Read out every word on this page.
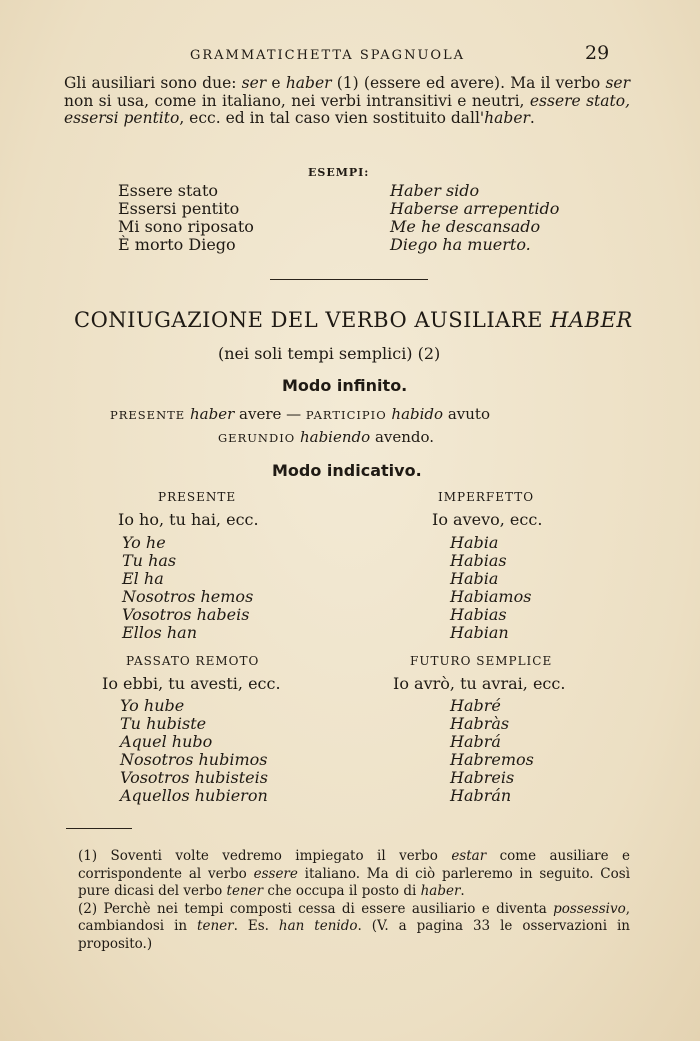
GRAMMATICHETTA SPAGNUOLA	29
Gli ausiliari sono due: ser e haber (1) (essere ed avere). Ma il verbo ser non si usa, come in italiano, nei verbi intransitivi e neutri, essere stato, essersi pentito, ecc. ed in tal caso vien sostituito dall'haber.
ESEMPI:
Essere stato
Essersi pentito
Mi sono riposato
È morto Diego
Haber sido
Haberse arrepentido
Me he descansado
Diego ha muerto.
CONIUGAZIONE DEL VERBO AUSILIARE HABER
(nei soli tempi semplici) (2)
Modo infinito.
PRESENTE haber avere — PARTICIPIO habido avuto
GERUNDIO habiendo avendo.
Modo indicativo.
PRESENTE
Io ho, tu hai, ecc.
Yo he
Tu has
El ha
Nosotros hemos
Vosotros habeis
Ellos han
IMPERFETTO
Io avevo, ecc.
Habia
Habias
Habia
Habiamos
Habias
Habian
PASSATO REMOTO
Io ebbi, tu avesti, ecc.
Yo hube
Tu hubiste
Aquel hubo
Nosotros hubimos
Vosotros hubisteis
Aquellos hubieron
FUTURO SEMPLICE
Io avrò, tu avrai, ecc.
Habré
Habràs
Habrá
Habremos
Habreis
Habrán

(1) Soventi volte vedremo impiegato il verbo estar come ausiliare e corrispondente al verbo essere italiano. Ma di ciò parleremo in seguito. Così pure dicasi del verbo tener che occupa il posto di haber.

(2) Perchè nei tempi composti cessa di essere ausiliario e diventa possessivo, cambiandosi in tener. Es. han tenido. (V. a pagina 33 le osservazioni in proposito.)
